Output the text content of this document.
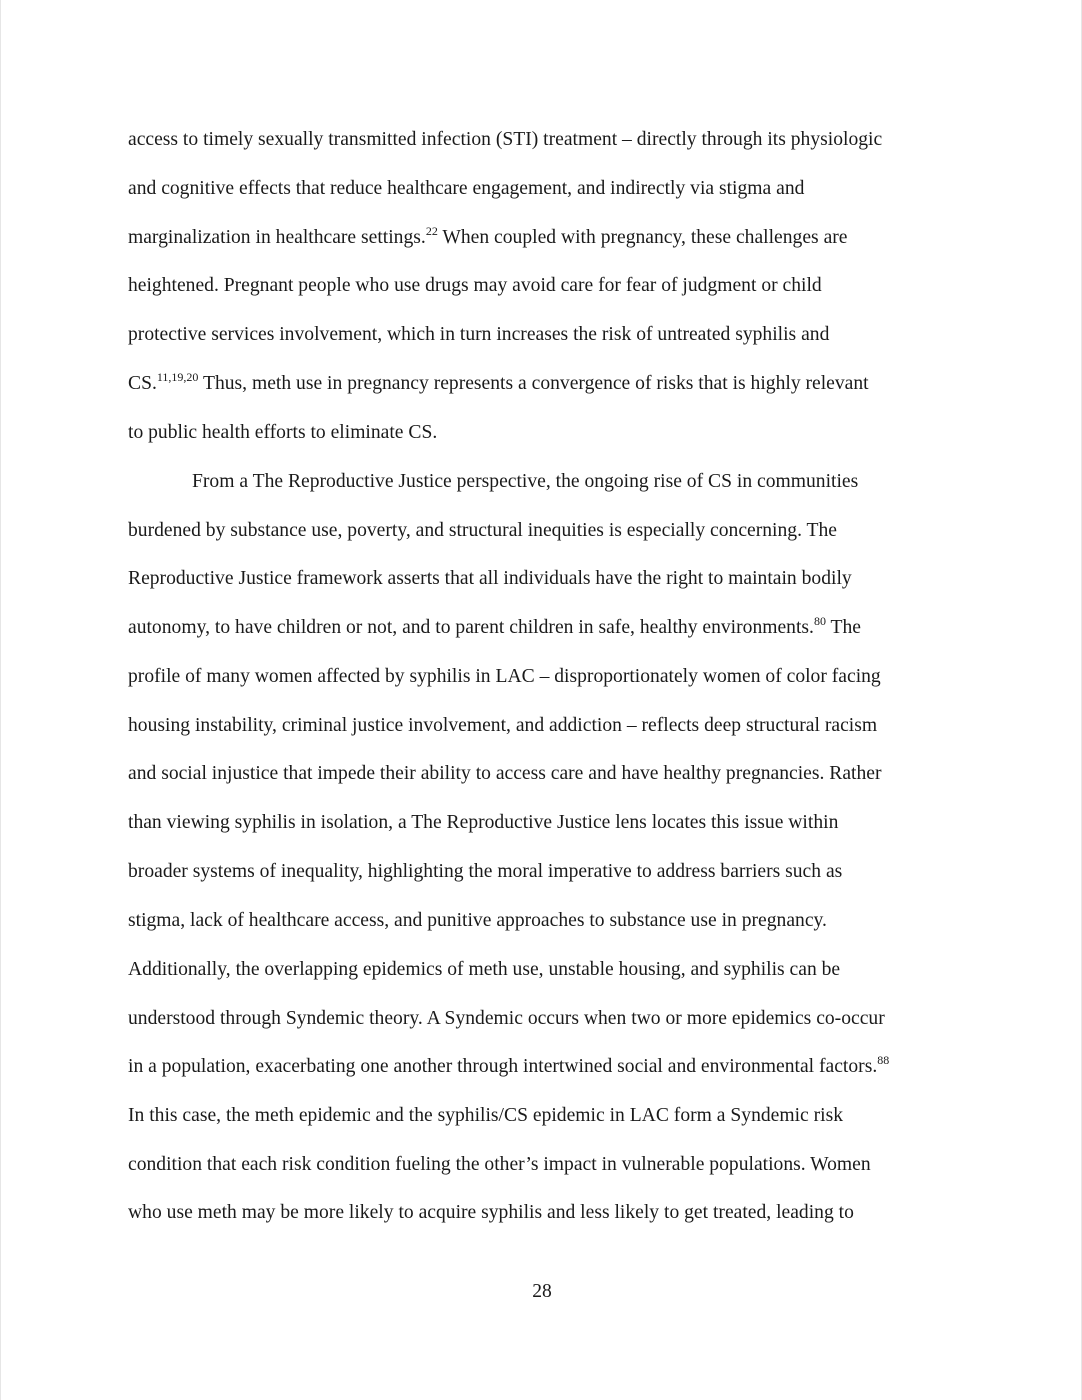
access to timely sexually transmitted infection (STI) treatment – directly through its physiologic
and cognitive effects that reduce healthcare engagement, and indirectly via stigma and
marginalization in healthcare settings.$^{22}$ When coupled with pregnancy, these challenges are
heightened. Pregnant people who use drugs may avoid care for fear of judgment or child
protective services involvement, which in turn increases the risk of untreated syphilis and
CS.$^{11,19,20}$ Thus, meth use in pregnancy represents a convergence of risks that is highly relevant
to public health efforts to eliminate CS.
From a The Reproductive Justice perspective, the ongoing rise of CS in communities
burdened by substance use, poverty, and structural inequities is especially concerning. The
Reproductive Justice framework asserts that all individuals have the right to maintain bodily
autonomy, to have children or not, and to parent children in safe, healthy environments.$^{80}$ The
profile of many women affected by syphilis in LAC – disproportionately women of color facing
housing instability, criminal justice involvement, and addiction – reflects deep structural racism
and social injustice that impede their ability to access care and have healthy pregnancies. Rather
than viewing syphilis in isolation, a The Reproductive Justice lens locates this issue within
broader systems of inequality, highlighting the moral imperative to address barriers such as
stigma, lack of healthcare access, and punitive approaches to substance use in pregnancy.
Additionally, the overlapping epidemics of meth use, unstable housing, and syphilis can be
understood through Syndemic theory. A Syndemic occurs when two or more epidemics co-occur
in a population, exacerbating one another through intertwined social and environmental factors.$^{88}$
In this case, the meth epidemic and the syphilis/CS epidemic in LAC form a Syndemic risk
condition that each risk condition fueling the other’s impact in vulnerable populations. Women
who use meth may be more likely to acquire syphilis and less likely to get treated, leading to
28
